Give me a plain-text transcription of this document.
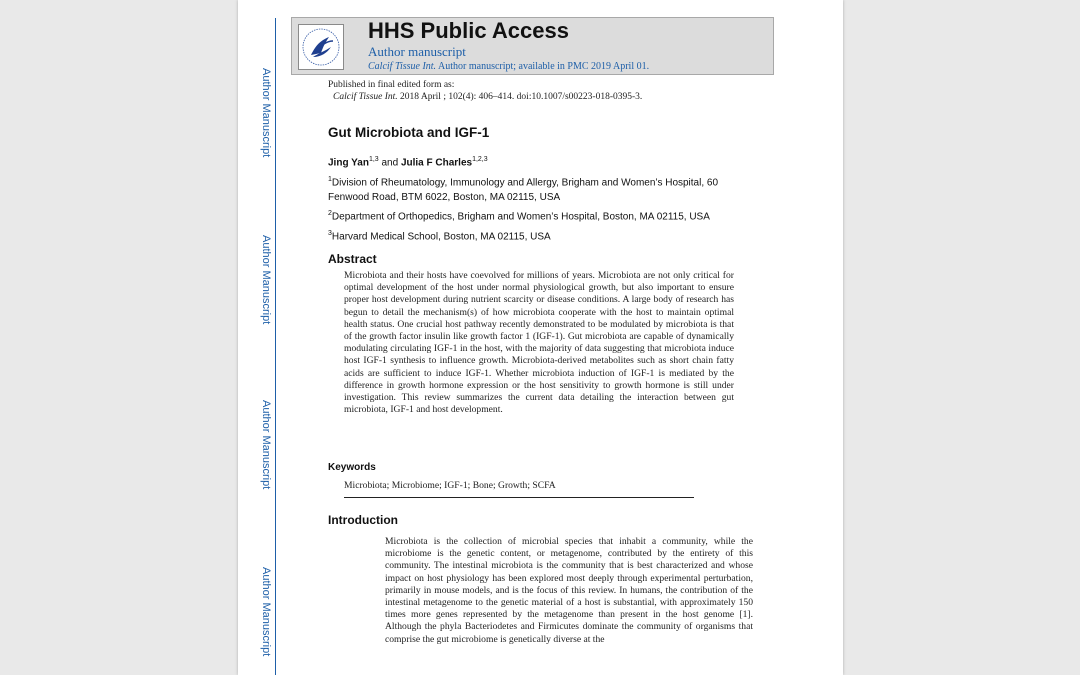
Author Manuscript
Author Manuscript
Author Manuscript
Author Manuscript
HHS Public Access
Author manuscript
Calcif Tissue Int. Author manuscript; available in PMC 2019 April 01.
Published in final edited form as:
Calcif Tissue Int. 2018 April ; 102(4): 406–414. doi:10.1007/s00223-018-0395-3.
Gut Microbiota and IGF-1
Jing Yan$^{1,3}$ and Julia F Charles$^{1,2,3}$
$^1$Division of Rheumatology, Immunology and Allergy, Brigham and Women’s Hospital, 60 Fenwood Road, BTM 6022, Boston, MA 02115, USA
$^2$Department of Orthopedics, Brigham and Women’s Hospital, Boston, MA 02115, USA
$^3$Harvard Medical School, Boston, MA 02115, USA
Abstract
Microbiota and their hosts have coevolved for millions of years. Microbiota are not only critical for optimal development of the host under normal physiological growth, but also important to ensure proper host development during nutrient scarcity or disease conditions. A large body of research has begun to detail the mechanism(s) of how microbiota cooperate with the host to maintain optimal health status. One crucial host pathway recently demonstrated to be modulated by microbiota is that of the growth factor insulin like growth factor 1 (IGF-1). Gut microbiota are capable of dynamically modulating circulating IGF-1 in the host, with the majority of data suggesting that microbiota induce host IGF-1 synthesis to influence growth. Microbiota-derived metabolites such as short chain fatty acids are sufficient to induce IGF-1. Whether microbiota induction of IGF-1 is mediated by the difference in growth hormone expression or the host sensitivity to growth hormone is still under investigation. This review summarizes the current data detailing the interaction between gut microbiota, IGF-1 and host development.
Keywords
Microbiota; Microbiome; IGF-1; Bone; Growth; SCFA
Introduction
Microbiota is the collection of microbial species that inhabit a community, while the microbiome is the genetic content, or metagenome, contributed by the entirety of this community. The intestinal microbiota is the community that is best characterized and whose impact on host physiology has been explored most deeply through experimental perturbation, primarily in mouse models, and is the focus of this review. In humans, the contribution of the intestinal metagenome to the genetic material of a host is substantial, with approximately 150 times more genes represented by the metagenome than present in the host genome [1]. Although the phyla Bacteriodetes and Firmicutes dominate the community of organisms that comprise the gut microbiome is genetically diverse at the
